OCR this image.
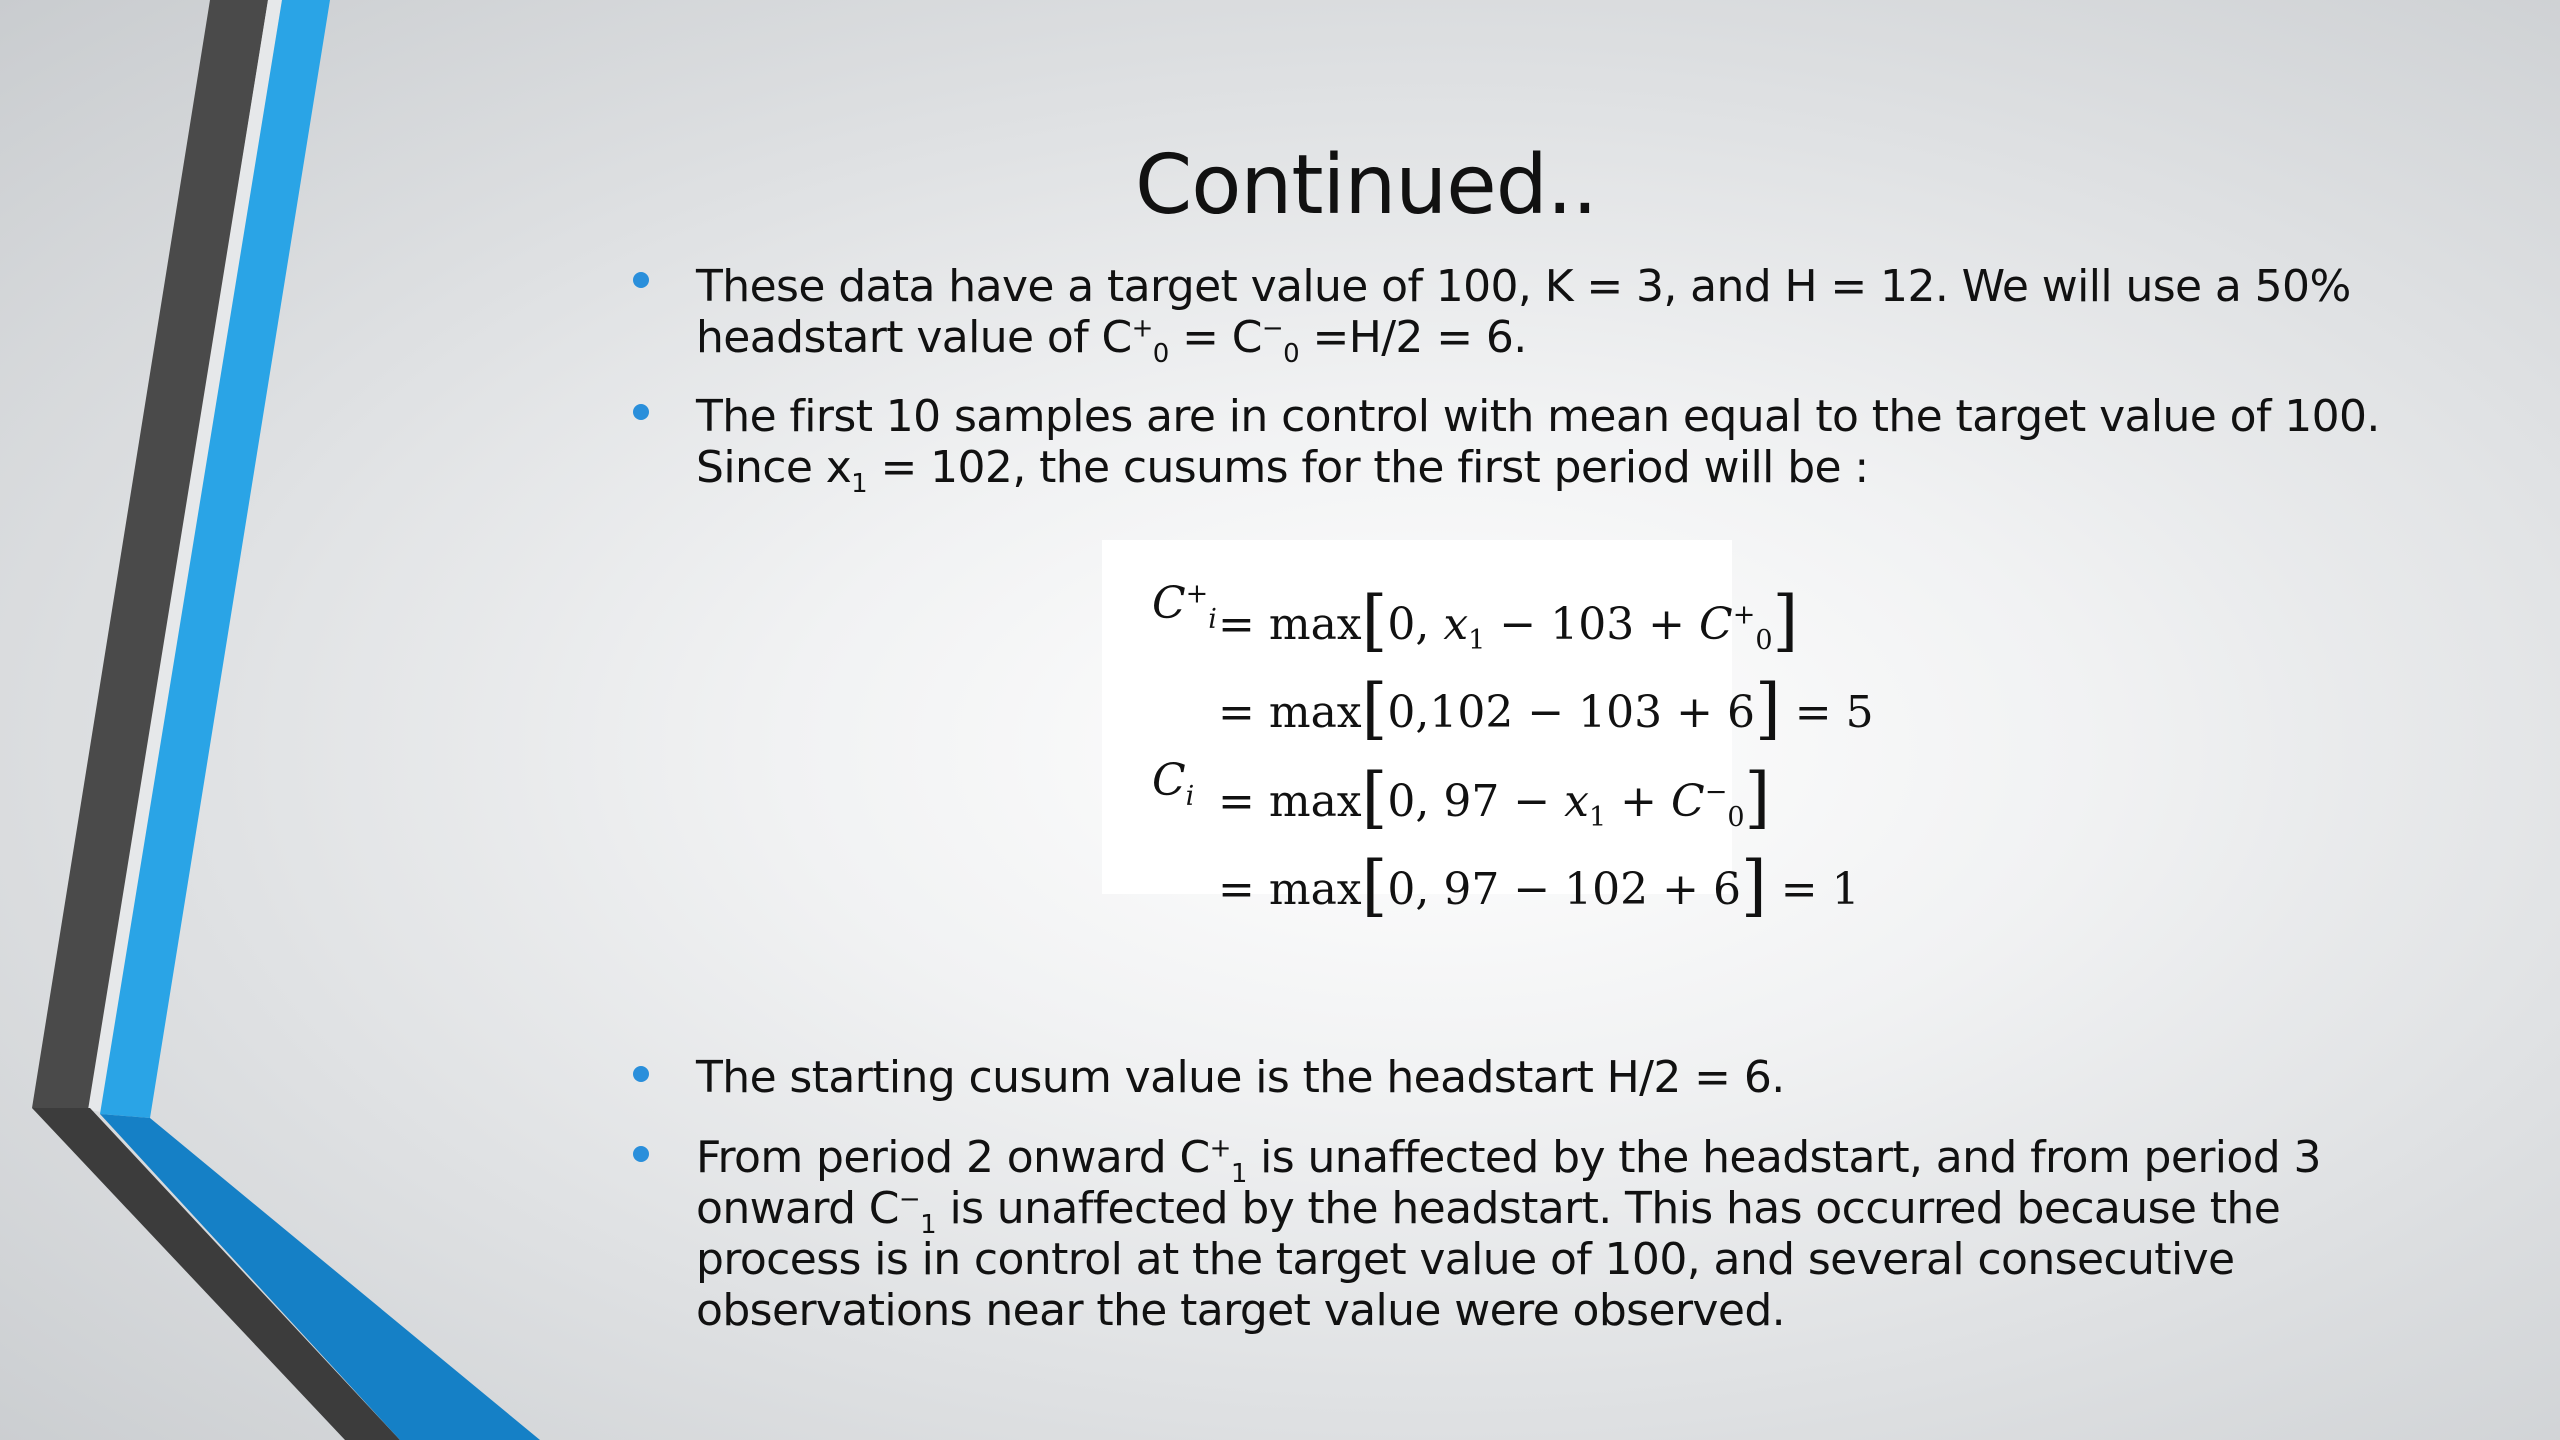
Continued..
These data have a target value of 100, K = 3, and H = 12. We will use a 50%
headstart value of $C^+_0 = C^-_0 =H/2 = 6$.
The first 10 samples are in control with mean equal to the target value of 100.
Since $x_1 = 102$, the cusums for the first period will be :
The starting cusum value is the headstart H/2 = 6.
From period 2 onward $C^+_1$ is unaffected by the headstart, and from period 3
onward $C^-_1$ is unaffected by the headstart. This has occurred because the
process is in control at the target value of 100, and several consecutive
observations near the target value were observed.
$C^+_i = \max[0$, $x_1 - 103 + C^+_0$]
= max[0,102 − 103 + 6] = 5
$C_i = \max[0$, $97 - x_1 + C^-_0$]
= max[0, 97 − 102 + 6] = 1
